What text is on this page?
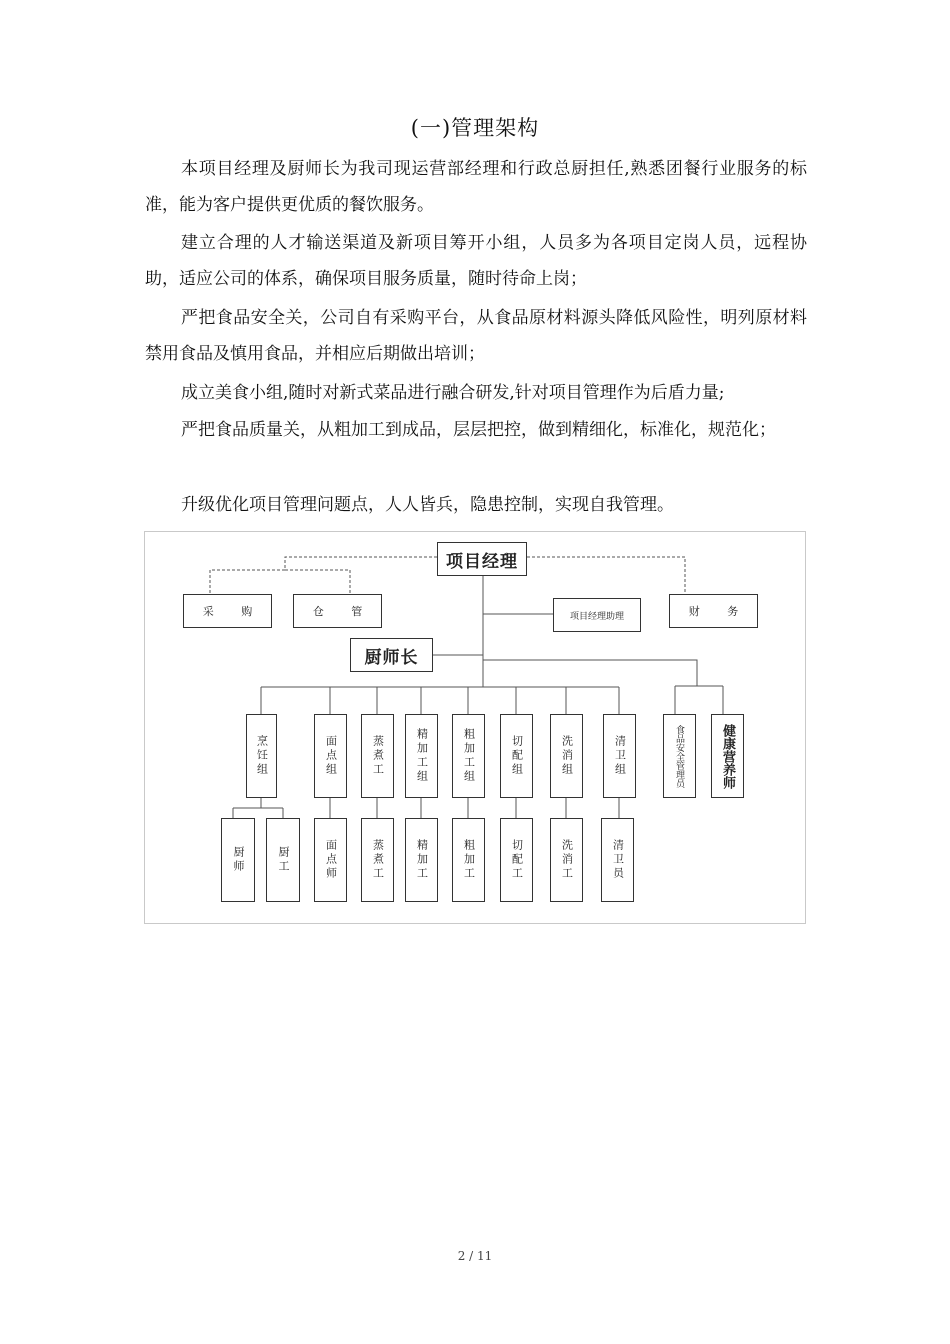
(一)管理架构

本项目经理及厨师长为我司现运营部经理和行政总厨担任,熟悉团餐行业服务的标准，能为客户提供更优质的餐饮服务。

建立合理的人才输送渠道及新项目筹开小组，人员多为各项目定岗人员，远程协助，适应公司的体系，确保项目服务质量，随时待命上岗；

严把食品安全关，公司自有采购平台，从食品原材料源头降低风险性，明列原材料禁用食品及慎用食品，并相应后期做出培训；

成立美食小组,随时对新式菜品进行融合研发,针对项目管理作为后盾力量;

严把食品质量关，从粗加工到成品，层层把控，做到精细化，标准化，规范化；

升级优化项目管理问题点，人人皆兵，隐患控制，实现自我管理。

项目经理
采 购	仓 管	项目经理助理	财 务
厨师长
烹饪组	面点组	蒸煮工	精加工组	粗加工组	切配组	洗消组	清卫组	食品安全管理员	健康营养师
厨师	厨工	面点师	蒸煮工	精加工	粗加工	切配工	洗消工	清卫员
2 / 11
